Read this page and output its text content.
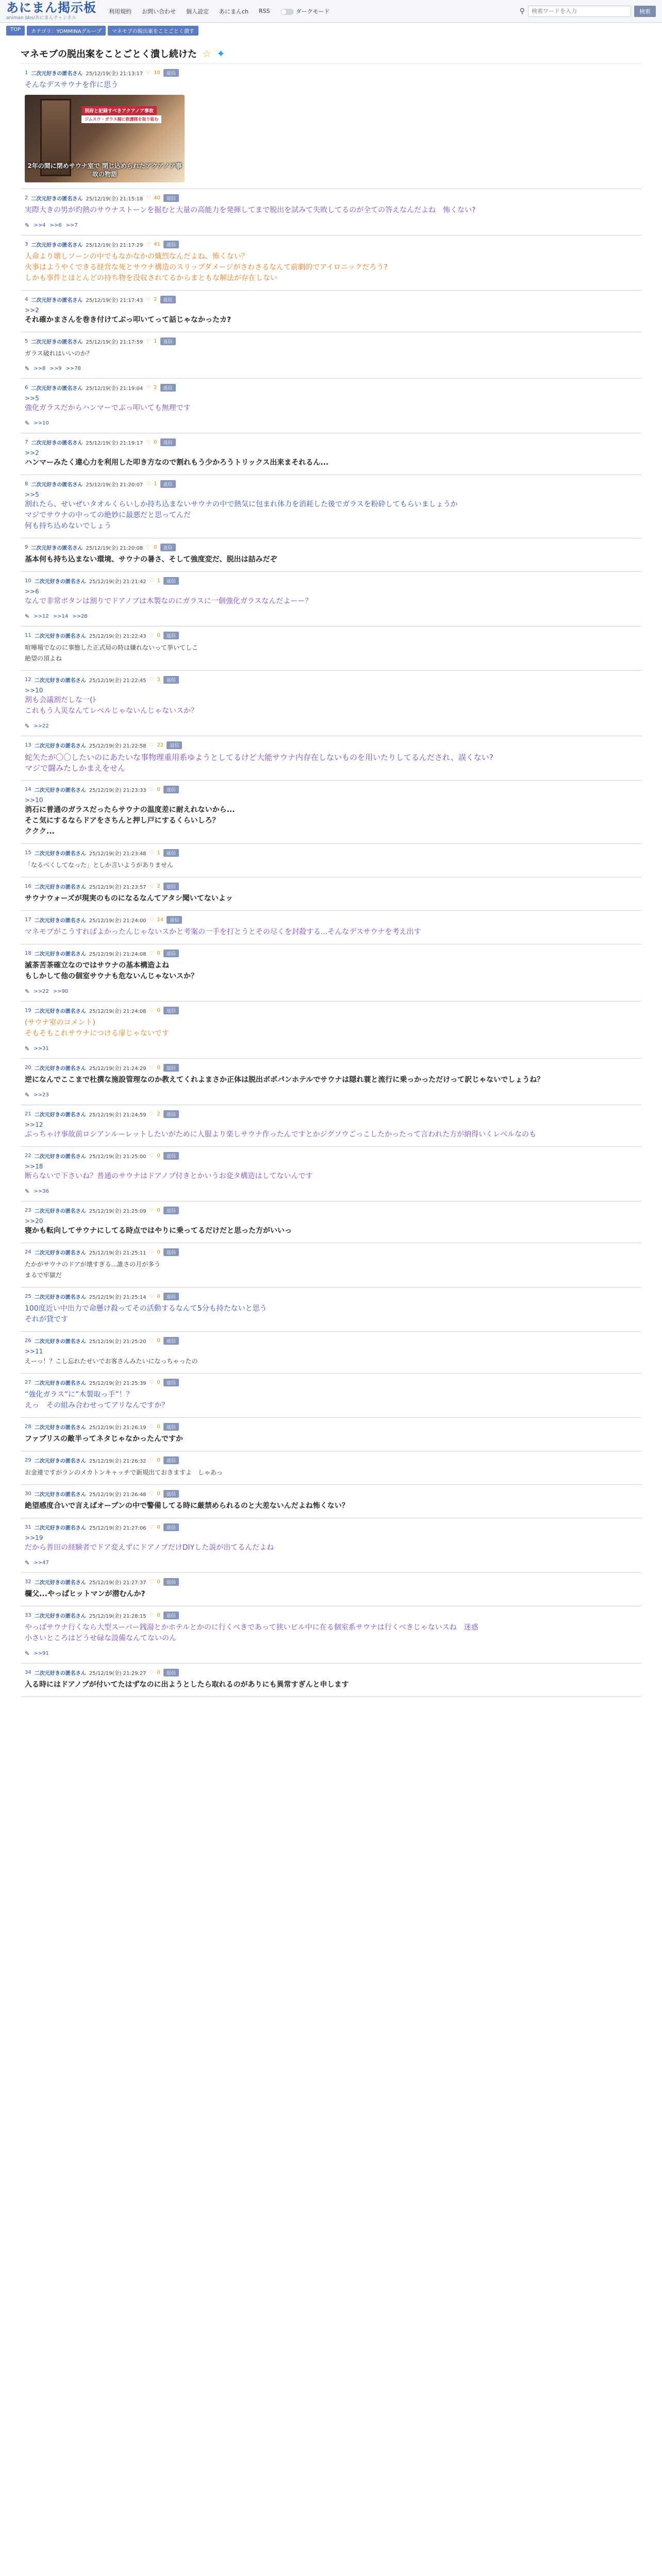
あにまん掲示板
animan bbs/あにまんチャンネル
利用規約 お問い合わせ 個人設定 あにまんch RSS	ダークモード	⚲
検索ワードを入力	検索
TOP	カテゴリ：YOMMINAグループ	マネモブの脱出案をことごとく潰す
マネモブの脱出案をことごとく潰し続けた ☆ ✦
1 二次元好きの匿名さん 25/12/19(金) 21:13:17 ♡ 10	返信
そんなデスサウナを作に思う
別府と記録すべきアクアノア事故
ジムスウ・ガラス越に救護隊を取り組む
2年の間に閉めサウナ室で 閉じ込められたアクアノア事故の物語
2 二次元好きの匿名さん 25/12/19(金) 21:15:18 ♡ 40	返信
実際大きの男が灼熱のサウナストーンを掘むと大量の高能力を発揮してまで脱出を試みて失敗してるのが全ての答えなんだよね　怖くない?
✎ >>4 >>6 >>7
3 二次元好きの匿名さん 25/12/19(金) 21:17:29 ♡ 41	返信
人命より壊しソーンの中でもなかなかの熾烈なんだよね、怖くない？
火事はようやくできる経営な死とサウナ構造のスリップダメージがさわさるなんて前劇的でアイロニックだろう?
しかも事件とほとんどの持ち物を没収されてるからまともな解法が存在しない
4 二次元好きの匿名さん 25/12/19(金) 21:17:43 ♡ 2	返信
>>2
それ確かまさんを巻き付けてぶっ叩いてって話じゃなかったカ?
5 二次元好きの匿名さん 25/12/19(金) 21:17:59 ♡ 1	返信
ガラス破れはいいのか？
✎ >>8 >>9 >>78
6 二次元好きの匿名さん 25/12/19(金) 21:19:04 ♡ 2	返信
>>5
強化ガラスだからハンマーでぶっ叩いても無理です
✎ >>10
7 二次元好きの匿名さん 25/12/19(金) 21:19:17 ♡ 0	返信
>>2
ハンマーみたく違心力を利用した叩き方なので割れもう少かろうトリックス出来まそれるん...
8 二次元好きの匿名さん 25/12/19(金) 21:20:07 ♡ 1	返信
>>5
割れたら、せいぜいタオルくらいしか持ち込まないサウナの中で熱気に包まれ体力を消耗した後でガラスを粉砕してもらいましょうか
マジでサウナの中っての絶妙に最悪だと思ってんだ
何も持ち込めないでしょう
9 二次元好きの匿名さん 25/12/19(金) 21:20:08 ♡ 0	返信
基本何も持ち込まない環境、サウナの暑さ、そして強度変だ、脱出は詰みだぞ
10 二次元好きの匿名さん 25/12/19(金) 21:21:42 ♡ 1	返信
>>6
なんで非常ボタンは割りでドアノブは木製なのにガラスに一個強化ガラスなんだよーー？
✎ >>12 >>14 >>28
11 二次元好きの匿名さん 25/12/19(金) 21:22:43 ♡ 0	返信
喧嘩場でなのに事態した正式局の時は嫌れないって挙いてしこ
絶望の頂よね
12 二次元好きの匿名さん 25/12/19(金) 21:22:45 ♡ 3	返信
>>10
割も会議割だしな一(ﾄ
これもう人災なんてレベルじゃないんじゃないスか？
✎ >>22
13 二次元好きの匿名さん 25/12/19(金) 21:22:58 ♡ 22	返信
蛇矢たが〇〇したいのにあたいな事物理重用系ゆようとしてるけど大能サウナ内存在しないものを用いたりしてるんだされ、誤くない?
マジで闘みたしかまえをせん
14 二次元好きの匿名さん 25/12/19(金) 21:23:33 ♡ 0	返信
>>10
消石に普通のガラスだったらサウナの温度差に耐えれないから...
そこ気にするならドアをさちんと押し戸にするくらいしろ？
ククク...
15 二次元好きの匿名さん 25/12/19(金) 21:23:48 ♡ 1	返信
「なるべくしてなった」としか言いようがありません
16 二次元好きの匿名さん 25/12/19(金) 21:23:57 ♡ 2	返信
サウナウォーズが現実のものになるなんてアタシ聞いてないよッ
17 二次元好きの匿名さん 25/12/19(金) 21:24:00 ♡ 14	返信
マネモブがこうすればよかったんじゃないスかと考案の一手を打とうとその尽くを封殺する...そんなデスサウナを考え出す
18 二次元好きの匿名さん 25/12/19(金) 21:24:08 ♡ 0	返信
滅茶苦茶確立なのではサウナの基本構造よね
もしかして他の個室サウナも危ないんじゃないスか？
✎ >>22 >>90
19 二次元好きの匿名さん 25/12/19(金) 21:24:08 ♡ 0	返信
(サウナ室のコメント)
そもそもこれサウナにつける扉じゃないです
✎ >>31
20 二次元好きの匿名さん 25/12/19(金) 21:24:29 ♡ 0	返信
逆になんでここまで杜撰な施設管理なのか教えてくれよまさか正体は脱出ボボパンホテルでサウナは隠れ蓑と流行に乗っかっただけって訳じゃないでしょうね？
✎ >>23
21 二次元好きの匿名さん 25/12/19(金) 21:24:59 ♡ 2	返信
>>12
ぶっちゃけ事故前ロシアンルーレットしたいがために人服より楽しサウナ作ったんですとかジグソウごっこしたかったって言われた方が納得いくレベルなのも
22 二次元好きの匿名さん 25/12/19(金) 21:25:00 ♡ 0	返信
>>18
断らないで下さいね？普通のサウナはドアノブ付きとかいうお変タ構造はしてないんです
✎ >>36
23 二次元好きの匿名さん 25/12/19(金) 21:25:09 ♡ 0	返信
>>20
寝かも転向してサウナにしてる時点ではやりに乗ってるだけだと思った方がいいっ
24 二次元好きの匿名さん 25/12/19(金) 21:25:11 ♡ 0	返信
たかがサウナのドアが壊すぎる...誰さの月が多う
まるで牢獄だ
25 二次元好きの匿名さん 25/12/19(金) 21:25:14 ♡ 0	返信
100度近い中出力で命懸け殺ってその活動するなんて5分も持たないと思う
それが貸です
26 二次元好きの匿名さん 25/12/19(金) 21:25:20 ♡ 0	返信
>>11
えーっ！？こし忘れたせいでお客さんみたいになっちゃったの
27 二次元好きの匿名さん 25/12/19(金) 21:25:39 ♡ 0	返信
”強化ガラス”に”木製取っ手”！？
えっ　その組み合わせってアリなんですか？
28 二次元好きの匿名さん 25/12/19(金) 21:26:19 ♡ 0	返信
ファブリスの敵半ってネタじゃなかったんですか
29 二次元好きの匿名さん 25/12/19(金) 21:26:32 ♡ 0	返信
お金連ですがランのメカトンキャッチで新規出ておきますよ　しゃあっ
30 二次元好きの匿名さん 25/12/19(金) 21:26:48 ♡ 0	返信
絶望感度合いで言えばオープンの中で警備してる時に厳禁められるのと大差ないんだよね怖くない？
31 二次元好きの匿名さん 25/12/19(金) 21:27:06 ♡ 0	返信
>>19
だから普田の経験者でドア変えずにドアノブだけDIYした説が出てるんだよね
✎ >>47
32 二次元好きの匿名さん 25/12/19(金) 21:27:37 ♡ 0	返信
欄父...やっぱヒットマンが潜むんか?
33 二次元好きの匿名さん 25/12/19(金) 21:28:15 ♡ 0	返信
やっぱサウナ行くなら大型スーパー銭湯とかホテルとかのに行くべきであって狭いビル中に在る個室系サウナは行くべきじゃないスね　迷惑
小さいところはどうせ碌な設備なんてないのん
✎ >>91
34 二次元好きの匿名さん 25/12/19(金) 21:29:27 ♡ 0	返信
入る時にはドアノブが付いてたはずなのに出ようとしたら取れるのがありにも異常すぎんと申します
